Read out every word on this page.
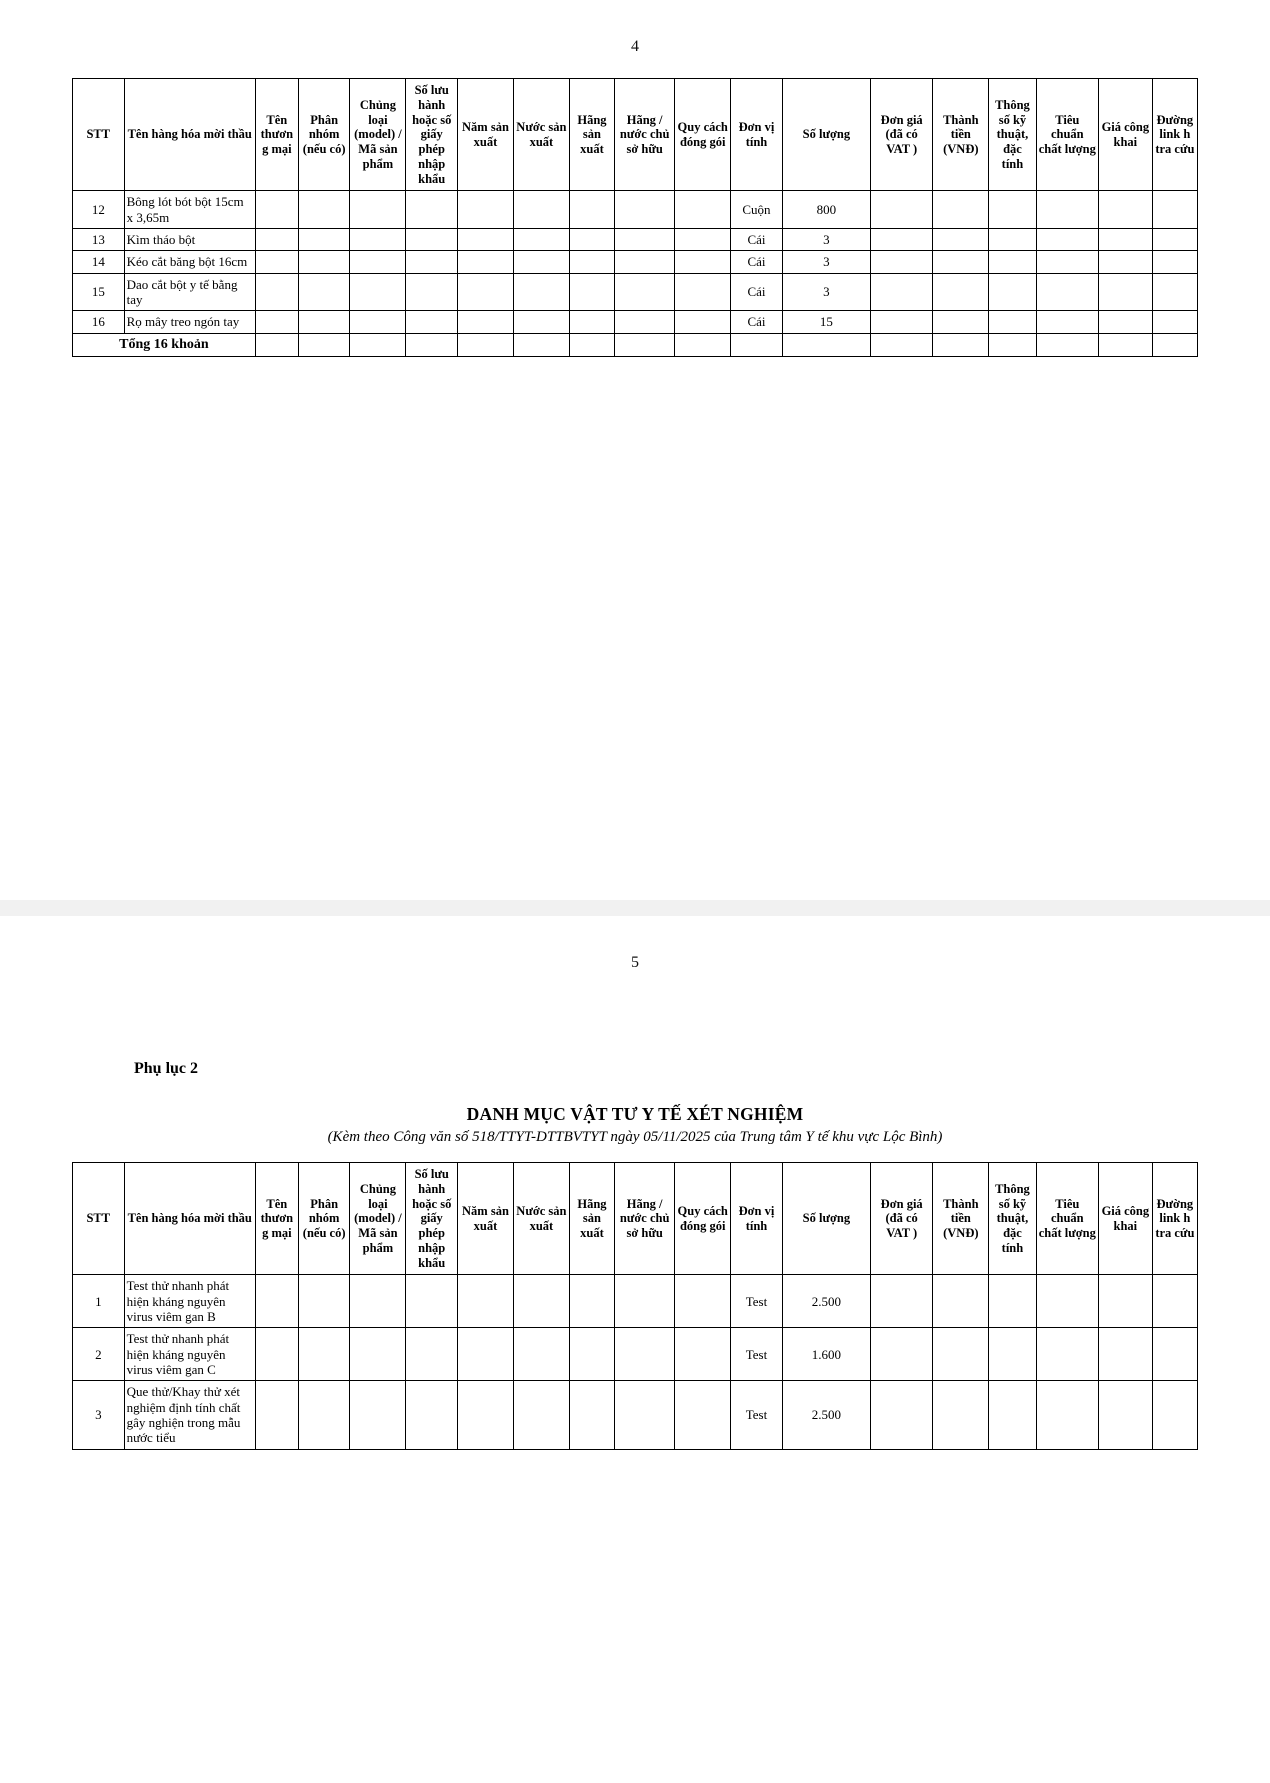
4
STT	Tên hàng hóa mời thầu	Tên thương mại	Phân nhóm (nếu có)	Chủng loại (model) / Mã sản phẩm	Số lưu hành hoặc số giấy phép nhập khẩu	Năm sản xuất	Nước sản xuất	Hãng sản xuất	Hãng / nước chủ sở hữu	Quy cách đóng gói	Đơn vị tính	Số lượng	Đơn giá (đã có VAT )	Thành tiền (VNĐ)	Thông số kỹ thuật, đặc tính	Tiêu chuẩn chất lượng	Giá công khai	Đường link h tra cứu
12	Bông lót bót bột 15cm x 3,65m										Cuộn	800						
13	Kìm tháo bột										Cái	3						
14	Kéo cắt băng bột 16cm										Cái	3						
15	Dao cắt bột y tế bằng tay										Cái	3						
16	Rọ mây treo ngón tay										Cái	15						
Tổng 16 khoản																		
5
Phụ lục 2
DANH MỤC VẬT TƯ Y TẾ XÉT NGHIỆM
(Kèm theo Công văn số 518/TTYT-DTTBVTYT ngày 05/11/2025 của Trung tâm Y tế khu vực Lộc Bình)
STT	Tên hàng hóa mời thầu	Tên thương mại	Phân nhóm (nếu có)	Chủng loại (model) / Mã sản phẩm	Số lưu hành hoặc số giấy phép nhập khẩu	Năm sản xuất	Nước sản xuất	Hãng sản xuất	Hãng / nước chủ sở hữu	Quy cách đóng gói	Đơn vị tính	Số lượng	Đơn giá (đã có VAT )	Thành tiền (VNĐ)	Thông số kỹ thuật, đặc tính	Tiêu chuẩn chất lượng	Giá công khai	Đường link h tra cứu
1	Test thử nhanh phát hiện kháng nguyên virus viêm gan B										Test	2.500						
2	Test thử nhanh phát hiện kháng nguyên virus viêm gan C										Test	1.600						
3	Que thử/Khay thử xét nghiệm định tính chất gây nghiện trong mẫu nước tiểu										Test	2.500						
